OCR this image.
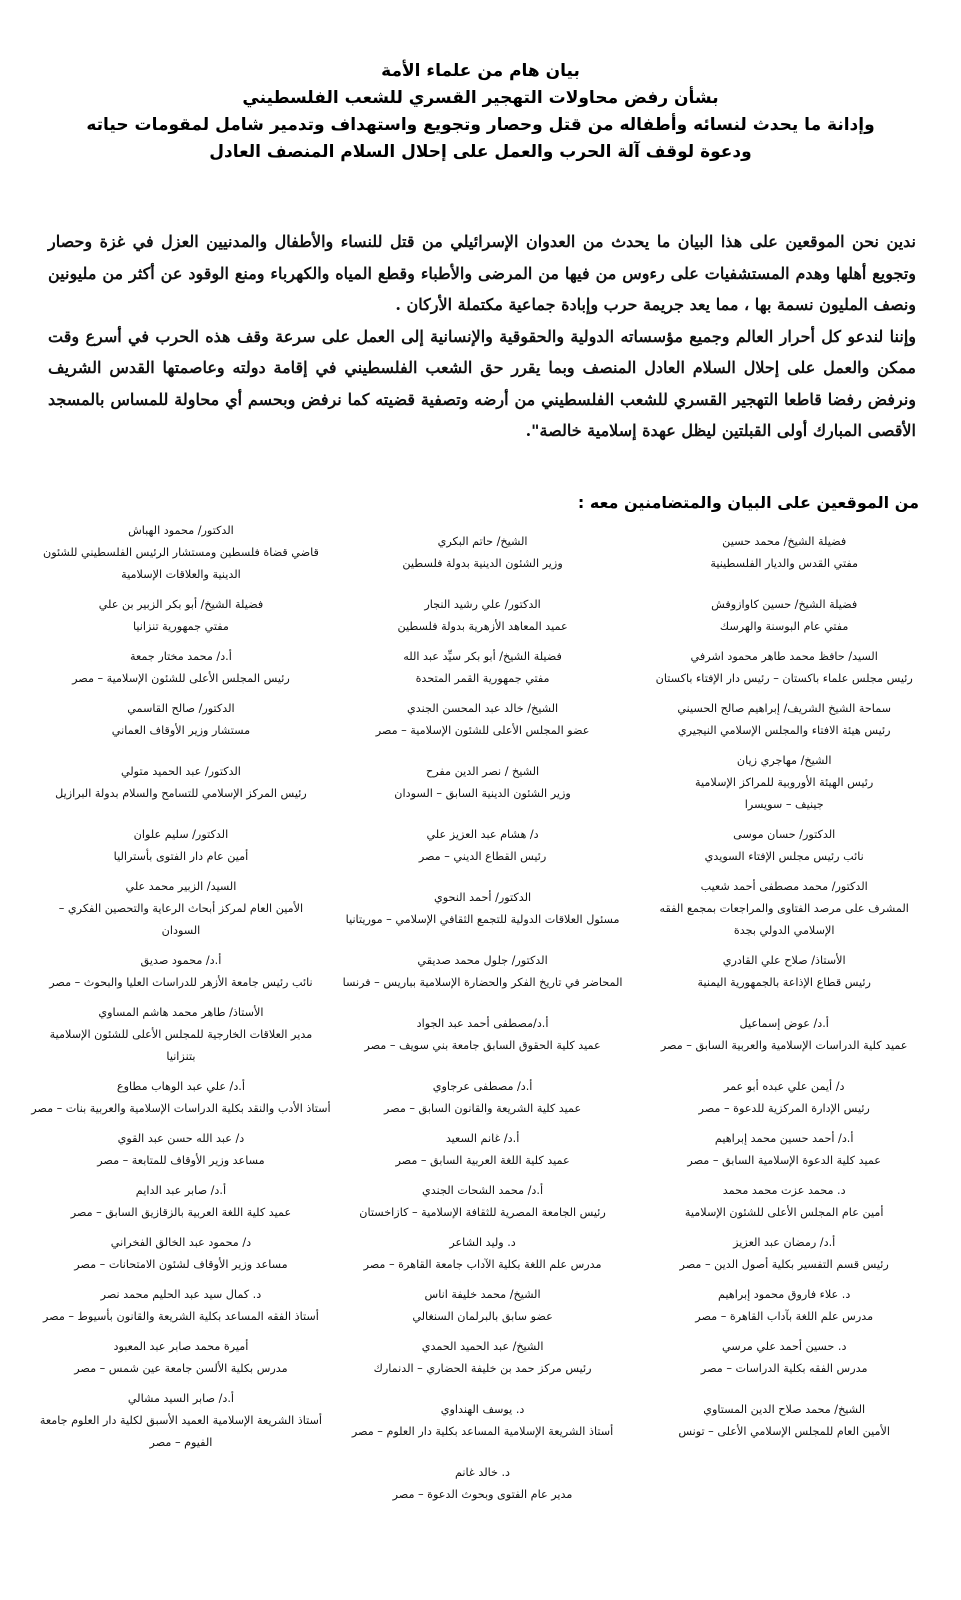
بيان هام من علماء الأمة
بشأن رفض محاولات التهجير القسري للشعب الفلسطيني
وإدانة ما يحدث لنسائه وأطفاله من قتل وحصار وتجويع واستهداف وتدمير شامل لمقومات حياته
ودعوة لوقف آلة الحرب والعمل على إحلال السلام المنصف العادل

ندين نحن الموقعين على هذا البيان ما يحدث من العدوان الإسرائيلي من قتل للنساء والأطفال والمدنيين العزل في غزة وحصار وتجويع أهلها وهدم المستشفيات على رءوس من فيها من المرضى والأطباء وقطع المياه والكهرباء ومنع الوقود عن أكثر من مليونين ونصف المليون نسمة بها ، مما يعد جريمة حرب وإبادة جماعية مكتملة الأركان .

وإننا لندعو كل أحرار العالم وجميع مؤسساته الدولية والحقوقية والإنسانية إلى العمل على سرعة وقف هذه الحرب في أسرع وقت ممكن والعمل على إحلال السلام العادل المنصف وبما يقرر حق الشعب الفلسطيني في إقامة دولته وعاصمتها القدس الشريف ونرفض رفضا قاطعا التهجير القسري للشعب الفلسطيني من أرضه وتصفية قضيته كما نرفض وبحسم أي محاولة للمساس بالمسجد الأقصى المبارك أولى القبلتين ليظل عهدة إسلامية خالصة".

من الموقعين على البيان والمتضامنين معه :
فضيلة الشيخ/ محمد حسين
مفتي القدس والديار الفلسطينية
الشيخ/ حاتم البكري
وزير الشئون الدينية بدولة فلسطين
الدكتور/ محمود الهباش
قاضي قضاة فلسطين ومستشار الرئيس الفلسطيني للشئون
الدينية والعلاقات الإسلامية
فضيلة الشيخ/ حسين كاوازوفش
مفتي عام البوسنة والهرسك
الدكتور/ علي رشيد النجار
عميد المعاهد الأزهرية بدولة فلسطين
فضيلة الشيخ/ أبو بكر الزبير بن علي
مفتي جمهورية تنزانيا
السيد/ حافظ محمد طاهر محمود اشرفي
رئيس مجلس علماء باكستان – رئيس دار الإفتاء باكستان
فضيلة الشيخ/ أبو بكر سيِّد عبد الله
مفتي جمهورية القمر المتحدة
أ.د/ محمد مختار جمعة
رئيس المجلس الأعلى للشئون الإسلامية – مصر
سماحة الشيخ الشريف/ إبراهيم صالح الحسيني
رئيس هيئة الافتاء والمجلس الإسلامي النيجيري
الشيخ/ خالد عبد المحسن الجندي
عضو المجلس الأعلى للشئون الإسلامية – مصر
الدكتور/ صالح القاسمي
مستشار وزير الأوقاف العماني
الشيخ/ مهاجري زيان
رئيس الهيئة الأوروبية للمراكز الإسلامية
جينيف – سويسرا
الشيخ / نصر الدين مفرح
وزير الشئون الدينية السابق – السودان
الدكتور/ عبد الحميد متولي
رئيس المركز الإسلامي للتسامح والسلام بدولة البرازيل
الدكتور/ حسان موسى
نائب رئيس مجلس الإفتاء السويدي
د/ هشام عبد العزيز علي
رئيس القطاع الديني – مصر
الدكتور/ سليم علوان
أمين عام دار الفتوى بأستراليا
الدكتور/ محمد مصطفى أحمد شعيب
المشرف على مرصد الفتاوى والمراجعات بمجمع الفقه
الإسلامي الدولي بجدة
الدكتور/ أحمد النحوي
مسئول العلاقات الدولية للتجمع الثقافي الإسلامي – موريتانيا
السيد/ الزبير محمد علي
الأمين العام لمركز أبحاث الرعاية والتحصين الفكري –
السودان
الأستاذ/ صلاح علي القادري
رئيس قطاع الإذاعة بالجمهورية اليمنية
الدكتور/ جلول محمد صديقي
المحاضر في تاريخ الفكر والحضارة الإسلامية بباريس – فرنسا
أ.د/ محمود صديق
نائب رئيس جامعة الأزهر للدراسات العليا والبحوث – مصر
أ.د/ عوض إسماعيل
عميد كلية الدراسات الإسلامية والعربية السابق – مصر
أ.د/مصطفى أحمد عبد الجواد
عميد كلية الحقوق السابق جامعة بني سويف – مصر
الأستاذ/ طاهر محمد هاشم المساوي
مدير العلاقات الخارجية للمجلس الأعلى للشئون الإسلامية
بتنزانيا
د/ أيمن علي عبده أبو عمر
رئيس الإدارة المركزية للدعوة – مصر
أ.د/ مصطفى عرجاوي
عميد كلية الشريعة والقانون السابق – مصر
أ.د/ علي عبد الوهاب مطاوع
أستاذ الأدب والنقد بكلية الدراسات الإسلامية والعربية بنات – مصر
أ.د/ أحمد حسين محمد إبراهيم
عميد كلية الدعوة الإسلامية السابق – مصر
أ.د/ غانم السعيد
عميد كلية اللغة العربية السابق – مصر
د/ عبد الله حسن عبد القوي
مساعد وزير الأوقاف للمتابعة – مصر
د. محمد عزت محمد محمد
أمين عام المجلس الأعلى للشئون الإسلامية
أ.د/ محمد الشحات الجندي
رئيس الجامعة المصرية للثقافة الإسلامية – كازاخستان
أ.د/ صابر عبد الدايم
عميد كلية اللغة العربية بالزقازيق السابق – مصر
أ.د/ رمضان عبد العزيز
رئيس قسم التفسير بكلية أصول الدين – مصر
د. وليد الشاعر
مدرس علم اللغة بكلية الآداب جامعة القاهرة – مصر
د/ محمود عبد الخالق الفخراني
مساعد وزير الأوقاف لشئون الامتحانات – مصر
د. علاء فاروق محمود إبراهيم
مدرس علم اللغة بآداب القاهرة – مصر
الشيخ/ محمد خليفة اناس
عضو سابق بالبرلمان السنغالي
د. كمال سيد عبد الحليم محمد نصر
أستاذ الفقه المساعد بكلية الشريعة والقانون بأسيوط – مصر
د. حسين أحمد علي مرسي
مدرس الفقه بكلية الدراسات – مصر
الشيخ/ عبد الحميد الحمدي
رئيس مركز حمد بن خليفة الحضاري – الدنمارك
أميرة محمد صابر عبد المعبود
مدرس بكلية الألسن جامعة عين شمس – مصر
الشيخ/ محمد صلاح الدين المستاوي
الأمين العام للمجلس الإسلامي الأعلى – تونس
د. يوسف الهنداوي
أستاذ الشريعة الإسلامية المساعد بكلية دار العلوم – مصر
أ.د/ صابر السيد مشالي
أستاذ الشريعة الإسلامية العميد الأسبق لكلية دار العلوم جامعة
الفيوم – مصر
د. خالد غانم
مدير عام الفتوى وبحوث الدعوة – مصر
